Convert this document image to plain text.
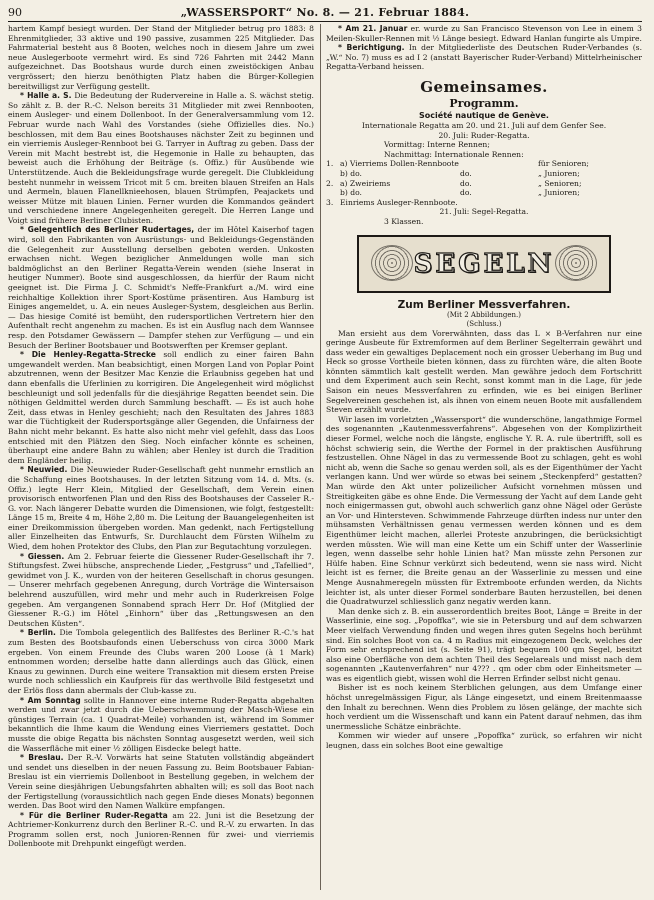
90	„WASSERSPORT“ No. 8. — 21. Februar 1884.

hartem Kampf besiegt wurden. Der Stand der Mitglieder betrug pro 1883: 8 Ehrenmitglieder, 33 aktive und 190 passive, zusammen 225 Mitglieder. Das Fahrmaterial besteht aus 8 Booten, welches noch in diesem Jahre um zwei neue Auslegerboote vermehrt wird. Es sind 726 Fahrten mit 2442 Mann aufgezeichnet. Das Bootshaus wurde durch einen zweistöckigen Anbau vergrössert; den hierzu benöthigten Platz haben die Bürger-Kollegien bereitwilligst zur Verfügung gestellt.

* Halle a. S. Die Bedeutung der Rudervereine in Halle a. S. wächst stetig. So zählt z. B. der R.-C. Nelson bereits 31 Mitglieder mit zwei Rennbooten, einem Ausleger- und einem Dollenboot. In der Generalversammlung vom 12. Februar wurde nach Wahl des Vorstandes (siehe Offizielles dies. No.) beschlossen, mit dem Bau eines Bootshauses nächster Zeit zu beginnen und ein vierriemis Ausleger-Rennboot bei G. Tarryer in Auftrag zu geben. Dass der Verein mit Macht bestrebt ist, die Hegemonie in Halle zu behaupten, das beweist auch die Erhöhung der Beiträge (s. Offiz.) für Ausübende wie Unterstützende. Auch die Bekleidungsfrage wurde geregelt. Die Clubkleidung besteht nunmehr in weissem Tricot mit 5 cm. breiten blauen Streifen an Hals und Aermeln, blauen Flanellknieehosen, blauen Strümpfen, Peajackets und weisser Mütze mit blauen Linien. Ferner wurden die Kommandos geändert und verschiedene innere Angelegenheiten geregelt. Die Herren Lange und Voigt sind frühere Berliner Clubisten.

* Gelegentlich des Berliner Rudertages, der im Hôtel Kaiserhof tagen wird, soll den Fabrikanten von Ausrüstungs- und Bekleidungs-Gegenständen die Gelegenheit zur Ausstellung derselben geboten werden. Unkosten erwachsen nicht. Wegen beziglicher Anmeldungen wolle man sich baldmöglichst an den Berliner Regatta-Verein wenden (siehe Inserat in heutiger Nummer). Boote sind ausgeschlossen, da hierfür der Raum nicht geeignet ist. Die Firma J. C. Schmidt's Neffe-Frankfurt a./M. wird eine reichhaltige Kollektion ihrer Sport-Kostüme präsentiren. Aus Hamburg ist Einiges angemeldet, u. A. ein neues Ausleger-System, desgleichen aus Berlin. — Das hiesige Comité ist bemüht, den rudersportlichen Vertretern hier den Aufenthalt recht angenehm zu machen. Es ist ein Ausflug nach dem Wannsee resp. den Potsdamer Gewässern — Dampfer stehen zur Verfügung — und ein Besuch der Berliner Bootsbauer und Bootswerften per Kremser geplant.

* Die Henley-Regatta-Strecke soll endlich zu einer fairen Bahn umgewandelt werden. Man beabsichtigt, einen Morgen Land von Poplar Point abzutrennen, wenn der Besitzer Mac Kenzie die Erlaubniss gegeben hat und dann ebenfalls die Uferlinien zu korrigiren. Die Angelegenheit wird möglichst beschleunigt und soll jedenfalls für die diesjährige Regatten beendet sein. Die nöthigen Geldmittel werden durch Sammlung beschafft. — Es ist auch hohe Zeit, dass etwas in Henley geschieht; nach den Resultaten des Jahres 1883 war die Tüchtigkeit der Rudersportsgänge aller Gegenden, die Unfairness der Bahn nicht mehr bekannt. Es hatte also nicht mehr viel gefehlt, dass das Loos entschied mit den Plätzen den Sieg. Noch einfacher könnte es scheinen, überhaupt eine andere Bahn zu wählen; aber Henley ist durch die Tradition dem Engländer heilig.

* Neuwied. Die Neuwieder Ruder-Gesellschaft geht nunmehr ernstlich an die Schaffung eines Bootshauses. In der letzten Sitzung vom 14. d. Mts. (s. Offiz.) legte Herr Klein, Mitglied der Gesellschaft, dem Verein einen provisorisch entworfenen Plan und den Riss des Bootshauses der Casseler R.-G. vor. Nach längerer Debatte wurden die Dimensionen, wie folgt, festgestellt: Länge 15 m, Breite 4 m, Höhe 2,80 m. Die Leitung der Bauangelegenheiten ist einer Dreikommission übergeben worden. Man gedenkt, nach Fertigstellung aller Einzelheiten das Entwurfs, Sr. Durchlaucht dem Fürsten Wilhelm zu Wied, dem hohen Protektor des Clubs, den Plan zur Begutachtung vorzulegen.

* Giessen. Am 2. Februar feierte die Giessener Ruder-Gesellschaft ihr 7. Stiftungsfest. Zwei hübsche, ansprechende Lieder, „Festgruss“ und „Tafellied“, gewidmet von J. K., wurden von der heiteren Gesellschaft in chorus gesungen. — Unserer mehrfach gegebenen Anregung, durch Vorträge die Wintersaison belehrend auszufüllen, wird mehr und mehr auch in Ruderkreisen Folge gegeben. Am vergangenen Sonnabend sprach Herr Dr. Hof (Mitglied der Giessener R.-G.) im Hôtel „Einhorn“ über das „Rettungswesen an den Deutschen Küsten“.

* Berlin. Die Tombola gelegentlich des Ballfestes des Berliner R.-C.'s hat zum Besten des Bootsbaufonds einen Ueberschuss von circa 3000 Mark ergeben. Von einem Freunde des Clubs waren 200 Loose (à 1 Mark) entnommen worden; derselbe hatte dann allerdings auch das Glück, einen Knaus zu gewinnen. Durch eine weitere Transaktion mit diesem ersten Preise wurde noch schliesslich ein Kaufpreis für das werthvolle Bild festgesetzt und der Erlös floss dann abermals der Club-kasse zu.

* Am Sonntag sollte in Hannover eine interne Ruder-Regatta abgehalten werden und zwar jetzt durch die Ueberschwemmung der Masch-Wiese ein günstiges Terrain (ca. 1 Quadrat-Meile) vorhanden ist, während im Sommer bekanntlich die Ihme kaum die Wendung eines Vierriemers gestattet. Doch musste die obige Regatta bis nächsten Sonntag ausgesetzt werden, weil sich die Wasserfläche mit einer ½ zölligen Eisdecke belegt hatte.

* Breslau. Der R.-V. Vorwärts hat seine Statuten vollständig abgeändert und sendet uns dieselben in der neuen Fassung zu. Beim Bootsbauer Fabian-Breslau ist ein vierriemis Dollenboot in Bestellung gegeben, in welchem der Verein seine diesjährigen Uebungsfahrten abhalten will; es soll das Boot nach der Fertigstellung (voraussichtlich nach gegen Ende dieses Monats) begonnen werden. Das Boot wird den Namen Walküre empfangen.

* Für die Berliner Ruder-Regatta am 22. Juni ist die Besetzung der Achtriemer-Konkurrenz durch den Berliner R.-C. und R.-V. zu erwarten. In das Programm sollen erst, noch Junioren-Rennen für zwei- und vierriemis Dollenboote mit Drehpunkt eingefügt werden.

* Am 21. Januar er. wurde zu San Francisco Stevenson von Lee in einem 3 Meilen-Skuller-Rennen mit ½ Länge besiegt. Edward Hanlan fungirte als Umpire.

* Berichtigung. In der Mitgliederliste des Deutschen Ruder-Verbandes (s. „W.“ No. 7) muss es ad I 2 (anstatt Bayerischer Ruder-Verband) Mittelrheinischer Regatta-Verband heissen.

Gemeinsames.
Programm.
Société nautique de Genève.

Internationale Regatta am 20. und 21. Juli auf dem Genfer See.

20. Juli: Ruder-Regatta.

Vormittag: Interne Rennen;
Nachmittag: Internationale Rennen:
1. a) Vierriems Dollen-Rennboote	für Senioren;
b) do.	do.	„ Junioren;
2. a) Zweiriems	do.	„ Senioren;
b) do.	do.	„ Junioren;
3. Einriems Ausleger-Rennboote.

21. Juli: Segel-Regatta.

3 Klassen.
SEGELN
Zum Berliner Messverfahren.

(Mit 2 Abbildungen.)

(Schluss.)

Man ersieht aus dem Vorerwähnten, dass das L × B-Verfahren nur eine geringe Ausbeute für Extremformen auf dem Berliner Segelterrain gewährt und dass weder ein gewaltiges Deplacement noch ein grosser Ueberhang im Bug und Heck so grosse Vortheile bieten können, dass zu fürchten wäre, die alten Boote könnten sämmtlich kalt gestellt werden. Man gewähre jedoch dem Fortschritt und dem Experiment auch sein Recht, sonst kommt man in die Lage, für jede Saison ein neues Messverfahren zu erfinden, wie es bei einigen Berliner Segelvereinen geschehen ist, als ihnen von einem neuen Boote mit ausfallendem Steven erzählt wurde.

Wir lasen im vorletzten „Wassersport“ die wunderschöne, langathmige Formel des sogenannten „Kautenmessverfahrens“. Abgesehen von der Komplizirtheit dieser Formel, welche noch die längste, englische Y. R. A. rule übertrifft, soll es höchst schwierig sein, die Werthe der Formel in der praktischen Ausführung festzustellen. Ohne Nägel in das zu vermessende Boot zu schlagen, geht es wohl nicht ab, wenn die Sache so genau werden soll, als es der Eigenthümer der Yacht verlangen kann. Und wer würde so etwas bei seinem „Steckenpferd“ gestatten? Man würde den Akt unter polizeilicher Aufsicht vornehmen müssen und Streitigkeiten gäbe es ohne Ende. Die Vermessung der Yacht auf dem Lande geht noch einigermassen gut, obwohl auch schwerlich ganz ohne Nägel oder Gerüste an Vor- und Hintersteven. Schwimmende Fahrzeuge dürften indess nur unter den mühsamsten Verhältnissen genau vermessen werden können und es dem Eigenthümer leicht machen, allerlei Proteste anzubringen, die berücksichtigt werden müssten. Wie will man eine Kette um ein Schiff unter der Wasserlinie legen, wenn dasselbe sehr hohle Linien hat? Man müsste zehn Personen zur Hülfe haben. Eine Schnur verkürzt sich bedeutend, wenn sie nass wird. Nicht leicht ist es ferner, die Breite genau an der Wasserlinie zu messen und eine Menge Ausnahmeregeln müssten für Extremboote erfunden werden, da Nichts leichter ist, als unter dieser Formel sonderbare Bauten herzustellen, bei denen die Quadratwurzel schliesslich ganz negativ werden kann.

Man denke sich z. B. ein ausserordentlich breites Boot, Länge = Breite in der Wasserlinie, eine sog. „Popoffka“, wie sie in Petersburg und auf dem schwarzen Meer vielfach Verwendung finden und wegen ihres guten Segelns hoch berühmt sind. Ein solches Boot von ca. 4 m Radius mit eingezogenem Deck, welches der Form sehr entsprechend ist (s. Seite 91), trägt bequem 100 qm Segel, besitzt also eine Oberfläche von dem achten Theil des Segelareals und misst nach dem sogenannten „Kautenverfahren“ nur 4??? . qm oder cbm oder Einheitsmeter — was es eigentlich giebt, wissen wohl die Herren Erfinder selbst nicht genau.

Bisher ist es noch keinem Sterblichen gelungen, aus dem Umfange einer höchst unregelmässigen Figur, als Länge eingesetzt, und einem Breitenmaasse den Inhalt zu berechnen. Wenn dies Problem zu lösen gelänge, der machte sich hoch verdient um die Wissenschaft und kann ein Patent darauf nehmen, das ihm unermessliche Schätze einbrächte.

Kommen wir wieder auf unsere „Popoffka“ zurück, so erfahren wir nicht leugnen, dass ein solches Boot eine gewaltige
